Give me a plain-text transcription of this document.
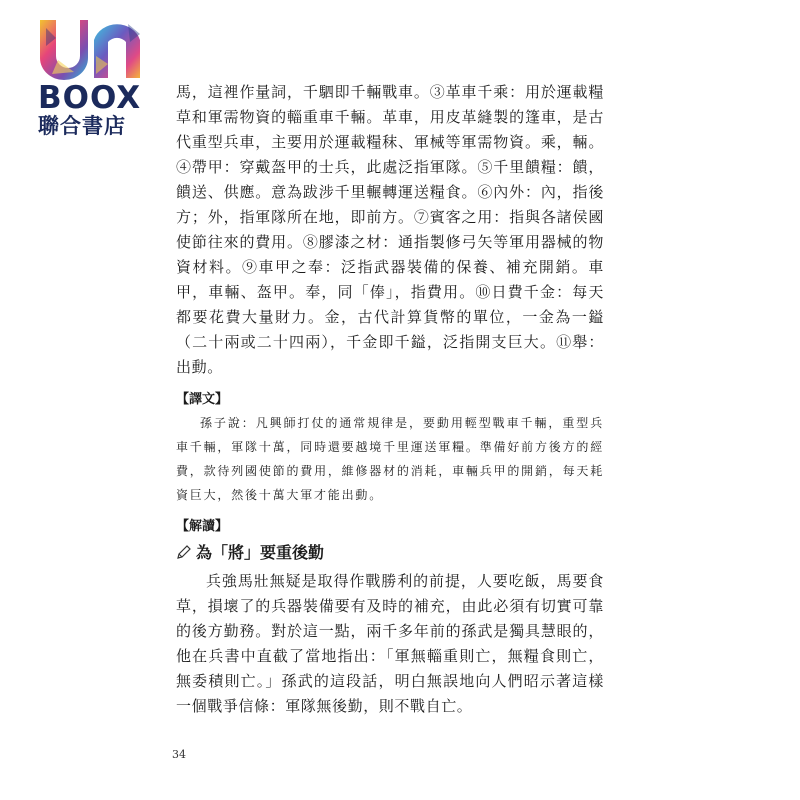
BOOX
聯合書店

馬，這裡作量詞，千駟即千輛戰車。③革車千乘：用於運載糧草和軍需物資的輜重車千輛。革車，用皮革縫製的篷車，是古代重型兵車，主要用於運載糧秣、軍械等軍需物資。乘，輛。④帶甲：穿戴盔甲的士兵，此處泛指軍隊。⑤千里饋糧：饋，饋送、供應。意為跋涉千里輾轉運送糧食。⑥內外：內，指後方；外，指軍隊所在地，即前方。⑦賓客之用：指與各諸侯國使節往來的費用。⑧膠漆之材：通指製修弓矢等軍用器械的物資材料。⑨車甲之奉：泛指武器裝備的保養、補充開銷。車甲，車輛、盔甲。奉，同「俸」，指費用。⑩日費千金：每天都要花費大量財力。金，古代計算貨幣的單位，一金為一鎰（二十兩或二十四兩），千金即千鎰，泛指開支巨大。⑪舉：出動。

【譯文】

孫子說：凡興師打仗的通常規律是，要動用輕型戰車千輛，重型兵車千輛，軍隊十萬，同時還要越境千里運送軍糧。準備好前方後方的經費，款待列國使節的費用，維修器材的消耗，車輛兵甲的開銷，每天耗資巨大，然後十萬大軍才能出動。

【解讀】
為「將」要重後勤

兵強馬壯無疑是取得作戰勝利的前提，人要吃飯，馬要食草，損壞了的兵器裝備要有及時的補充，由此必須有切實可靠的後方勤務。對於這一點，兩千多年前的孫武是獨具慧眼的，他在兵書中直截了當地指出：「軍無輜重則亡，無糧食則亡，無委積則亡。」孫武的這段話，明白無誤地向人們昭示著這樣一個戰爭信條：軍隊無後勤，則不戰自亡。

34
